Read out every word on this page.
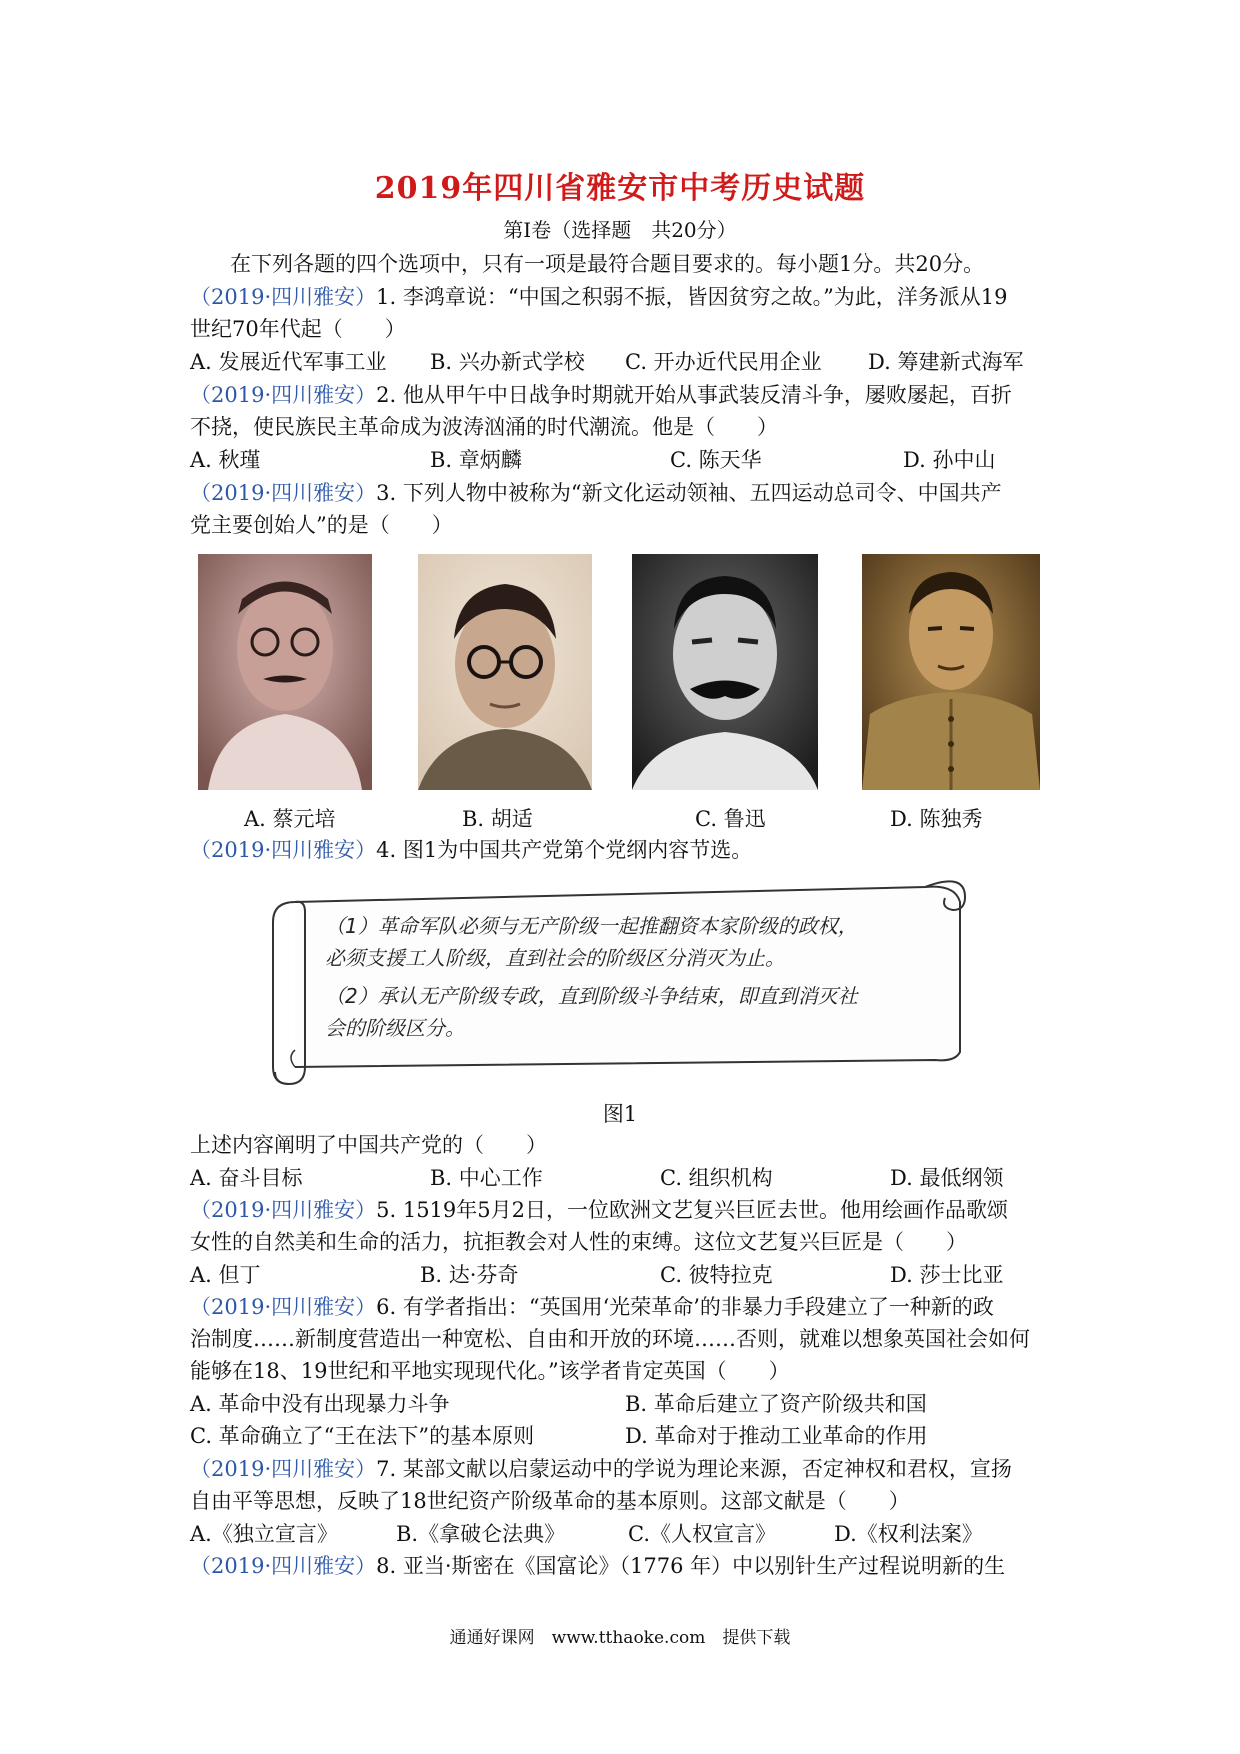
2019年四川省雅安市中考历史试题
第Ⅰ卷（选择题　共20分）
在下列各题的四个选项中，只有一项是最符合题目要求的。每小题1分。共20分。
（2019·四川雅安）1. 李鸿章说：“中国之积弱不振，皆因贫穷之故。”为此，洋务派从19
世纪70年代起（　　）
A. 发展近代军事工业 B. 兴办新式学校 C. 开办近代民用企业 D. 筹建新式海军
（2019·四川雅安）2. 他从甲午中日战争时期就开始从事武装反清斗争，屡败屡起，百折
不挠，使民族民主革命成为波涛汹涌的时代潮流。他是（　　）
A. 秋瑾	B. 章炳麟	C. 陈天华	D. 孙中山
（2019·四川雅安）3. 下列人物中被称为“新文化运动领袖、五四运动总司令、中国共产
党主要创始人”的是（　　）
A. 蔡元培	B. 胡适	C. 鲁迅	D. 陈独秀
（2019·四川雅安）4. 图1为中国共产党第个党纲内容节选。
（1）革命军队必须与无产阶级一起推翻资本家阶级的政权，
必须支援工人阶级，直到社会的阶级区分消灭为止。
（2）承认无产阶级专政，直到阶级斗争结束，即直到消灭社
会的阶级区分。
图1
上述内容阐明了中国共产党的（　　）
A. 奋斗目标	B. 中心工作	C. 组织机构	D. 最低纲领
（2019·四川雅安）5. 1519年5月2日，一位欧洲文艺复兴巨匠去世。他用绘画作品歌颂
女性的自然美和生命的活力，抗拒教会对人性的束缚。这位文艺复兴巨匠是（　　）
A. 但丁	B. 达·芬奇	C. 彼特拉克	D. 莎士比亚
（2019·四川雅安）6. 有学者指出：“英国用‘光荣革命’的非暴力手段建立了一种新的政
治制度……新制度营造出一种宽松、自由和开放的环境……否则，就难以想象英国社会如何
能够在18、19世纪和平地实现现代化。”该学者肯定英国（　　）
A. 革命中没有出现暴力斗争	B. 革命后建立了资产阶级共和国
C. 革命确立了“王在法下”的基本原则	D. 革命对于推动工业革命的作用
（2019·四川雅安）7. 某部文献以启蒙运动中的学说为理论来源，否定神权和君权，宣扬
自由平等思想，反映了18世纪资产阶级革命的基本原则。这部文献是（　　）
A.《独立宣言》	B.《拿破仑法典》	C.《人权宣言》	D.《权利法案》
（2019·四川雅安）8. 亚当·斯密在《国富论》（1776 年）中以别针生产过程说明新的生
通通好课网　www.tthaoke.com　提供下载
